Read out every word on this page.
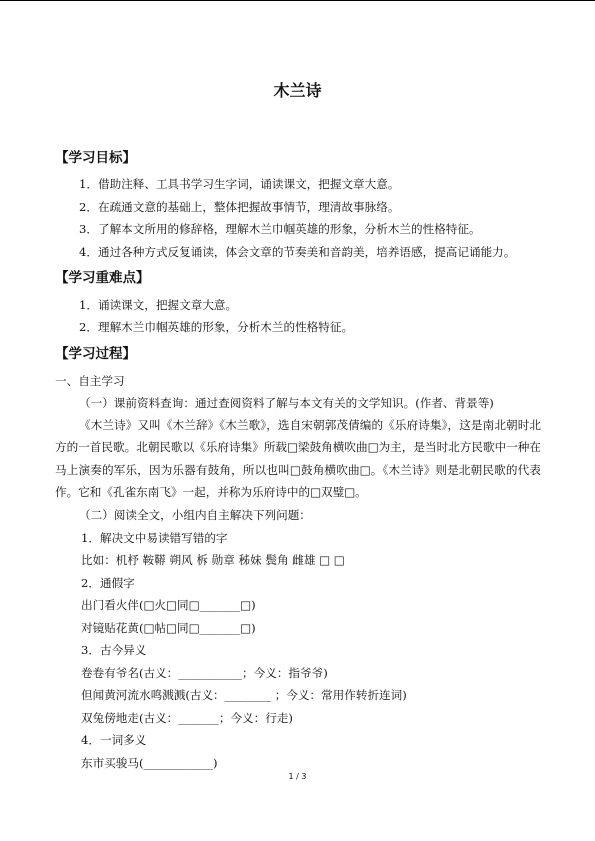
木兰诗
【学习目标】
1．借助注释、工具书学习生字词，诵读课文，把握文章大意。
2．在疏通文意的基础上，整体把握故事情节，理清故事脉络。
3．了解本文所用的修辞格，理解木兰巾帼英雄的形象，分析木兰的性格特征。
4．通过各种方式反复诵读，体会文章的节奏美和音韵美，培养语感，提高记诵能力。
【学习重难点】
1．诵读课文，把握文章大意。
2．理解木兰巾帼英雄的形象，分析木兰的性格特征。
【学习过程】
一、自主学习
（一）课前资料查询：通过查阅资料了解与本文有关的文学知识。(作者、背景等)
《木兰诗》又叫《木兰辞》《木兰歌》，选自宋朝郭茂倩编的《乐府诗集》，这是南北朝时北方的一首民歌。北朝民歌以《乐府诗集》所载□梁鼓角横吹曲□为主，是当时北方民歌中一种在马上演奏的军乐，因为乐器有鼓角，所以也叫□鼓角横吹曲□。《木兰诗》则是北朝民歌的代表作。它和《孔雀东南飞》一起，并称为乐府诗中的□双璧□。
（二）阅读全文，小组内自主解决下列问题：
1．解决文中易读错写错的字
比如：机杼 鞍鞯 朔风 柝 勋章 秭妹 鬓角 雌雄 □ □
2．通假字
出门看火伴(□火□同□_______□)
对镜贴花黄(□帖□同□_______□)
3．古今异义
卷卷有爷名(古义：___________；今义：指爷爷)
但闻黄河流水鸣溅溅(古义：________ ；今义：常用作转折连词)
双兔傍地走(古义：_______；今义：行走)
4．一词多义
东市买骏马(____________)
1 / 3
